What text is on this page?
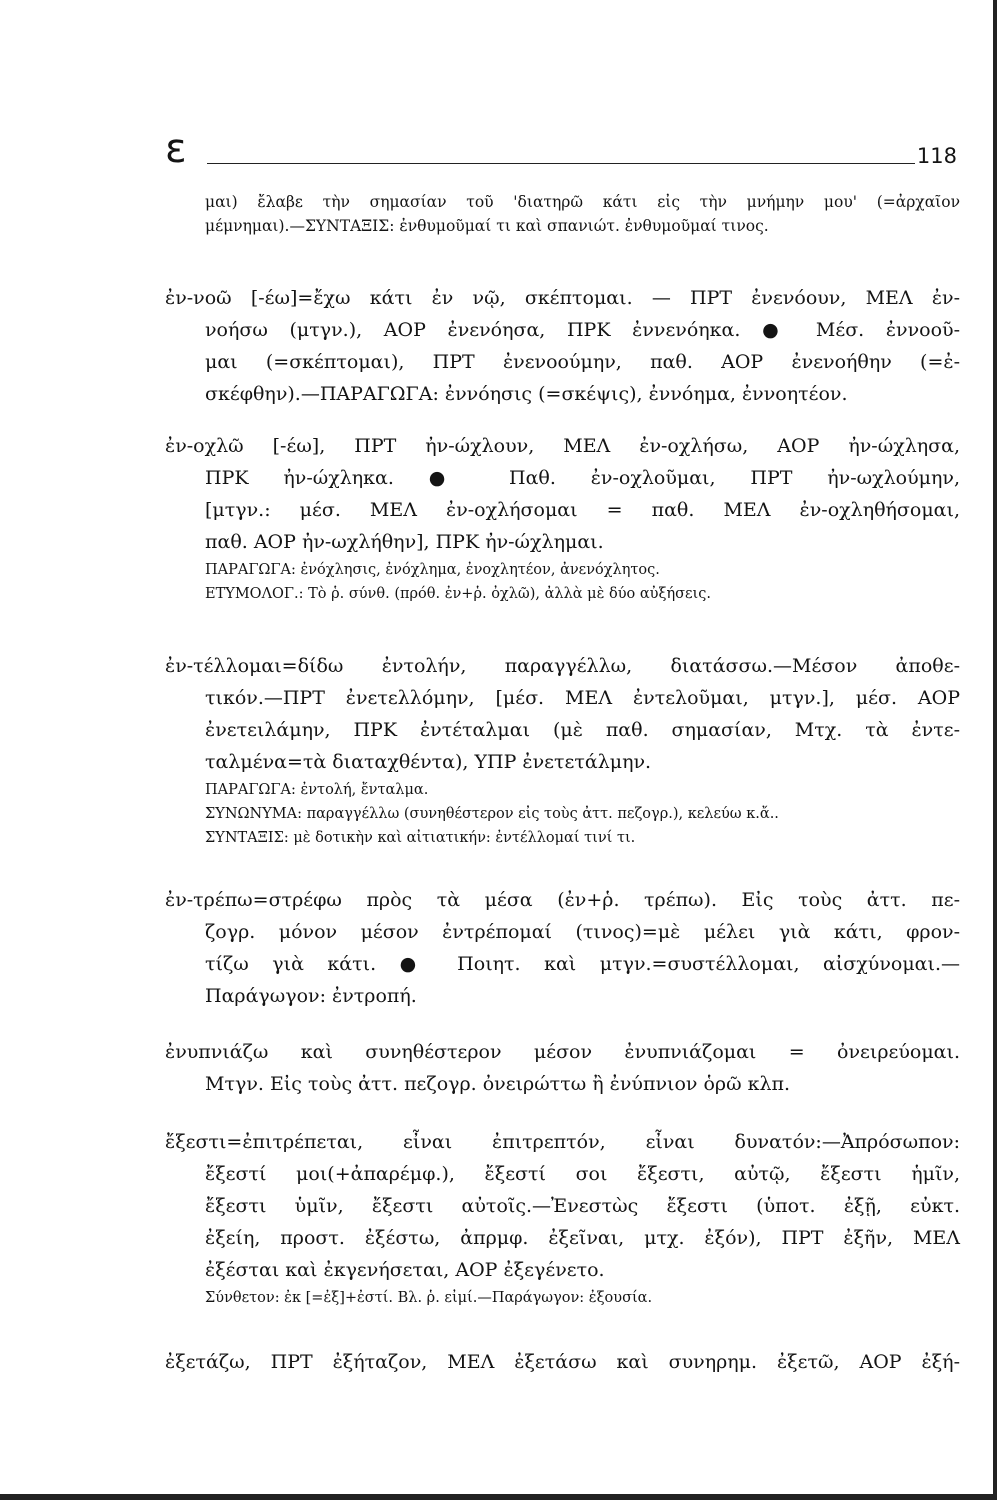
ε	118
μαι) ἔλαβε τὴν σημασίαν τοῦ 'διατηρῶ κάτι εἰς τὴν μνήμην μου' (=ἀρχαῖον
μέμνημαι).—ΣΥΝΤΑΞΙΣ: ἐνθυμοῦμαί τι καὶ σπανιώτ. ἐνθυμοῦμαί τινος.
ἐν-νοῶ [-έω]=ἔχω κάτι ἐν νῷ, σκέπτομαι. — ΠΡΤ ἐνενόουν, ΜΕΛ ἐν-
νοήσω (μτγν.), ΑΟΡ ἐνενόησα, ΠΡΚ ἐννενόηκα. ● Μέσ. ἐννοοῦ-
μαι (=σκέπτομαι), ΠΡΤ ἐνενοούμην, παθ. ΑΟΡ ἐνενοήθην (=ἐ-
σκέφθην).—ΠΑΡΑΓΩΓΑ: ἐννόησις (=σκέψις), ἐννόημα, ἐννοητέον.
ἐν-οχλῶ [-έω], ΠΡΤ ἠν-ώχλουν, ΜΕΛ ἐν-οχλήσω, ΑΟΡ ἠν-ώχλησα,
ΠΡΚ ἠν-ώχληκα. ● Παθ. ἐν-οχλοῦμαι, ΠΡΤ ἠν-ωχλούμην,
[μτγν.: μέσ. ΜΕΛ ἐν-οχλήσομαι = παθ. ΜΕΛ ἐν-οχληθήσομαι,
παθ. ΑΟΡ ἠν-ωχλήθην], ΠΡΚ ἠν-ώχλημαι.
ΠΑΡΑΓΩΓΑ: ἐνόχλησις, ἐνόχλημα, ἐνοχλητέον, ἀνενόχλητος.
ΕΤΥΜΟΛΟΓ.: Τὸ ῥ. σύνθ. (πρόθ. ἐν+ῥ. ὀχλῶ), ἀλλὰ μὲ δύο αὐξήσεις.
ἐν-τέλλομαι=δίδω ἐντολήν, παραγγέλλω, διατάσσω.—Μέσον ἀποθε-
τικόν.—ΠΡΤ ἐνετελλόμην, [μέσ. ΜΕΛ ἐντελοῦμαι, μτγν.], μέσ. ΑΟΡ
ἐνετειλάμην, ΠΡΚ ἐντέταλμαι (μὲ παθ. σημασίαν, Μτχ. τὰ ἐντε-
ταλμένα=τὰ διαταχθέντα), ΥΠΡ ἐνετετάλμην.
ΠΑΡΑΓΩΓΑ: ἐντολή, ἔνταλμα.
ΣΥΝΩΝΥΜΑ: παραγγέλλω (συνηθέστερον εἰς τοὺς ἀττ. πεζογρ.), κελεύω κ.ἄ..
ΣΥΝΤΑΞΙΣ: μὲ δοτικὴν καὶ αἰτιατικήν: ἐντέλλομαί τινί τι.
ἐν-τρέπω=στρέφω πρὸς τὰ μέσα (ἐν+ῥ. τρέπω). Εἰς τοὺς ἀττ. πε-
ζογρ. μόνον μέσον ἐντρέπομαί (τινος)=μὲ μέλει γιὰ κάτι, φρον-
τίζω γιὰ κάτι. ● Ποιητ. καὶ μτγν.=συστέλλομαι, αἰσχύνομαι.—
Παράγωγον: ἐντροπή.
ἐνυπνιάζω καὶ συνηθέστερον μέσον ἐνυπνιάζομαι = ὀνειρεύομαι.
Μτγν. Εἰς τοὺς ἀττ. πεζογρ. ὀνειρώττω ἢ ἐνύπνιον ὁρῶ κλπ.
ἔξεστι=ἐπιτρέπεται, εἶναι ἐπιτρεπτόν, εἶναι δυνατόν:—Ἀπρόσωπον:
ἔξεστί μοι(+ἀπαρέμφ.), ἔξεστί σοι ἔξεστι, αὐτῷ, ἔξεστι ἡμῖν,
ἔξεστι ὑμῖν, ἔξεστι αὐτοῖς.—Ἐνεστὼς ἔξεστι (ὑποτ. ἐξῇ, εὐκτ.
ἐξείη, προστ. ἐξέστω, ἀπρμφ. ἐξεῖναι, μτχ. ἐξόν), ΠΡΤ ἐξῆν, ΜΕΛ
ἐξέσται καὶ ἐκγενήσεται, ΑΟΡ ἐξεγένετο.
Σύνθετον: ἐκ [=ἐξ]+ἐστί. Βλ. ῥ. εἰμί.—Παράγωγον: ἐξουσία.
ἐξετάζω, ΠΡΤ ἐξήταζον, ΜΕΛ ἐξετάσω καὶ συνηρημ. ἐξετῶ, ΑΟΡ ἐξή-
